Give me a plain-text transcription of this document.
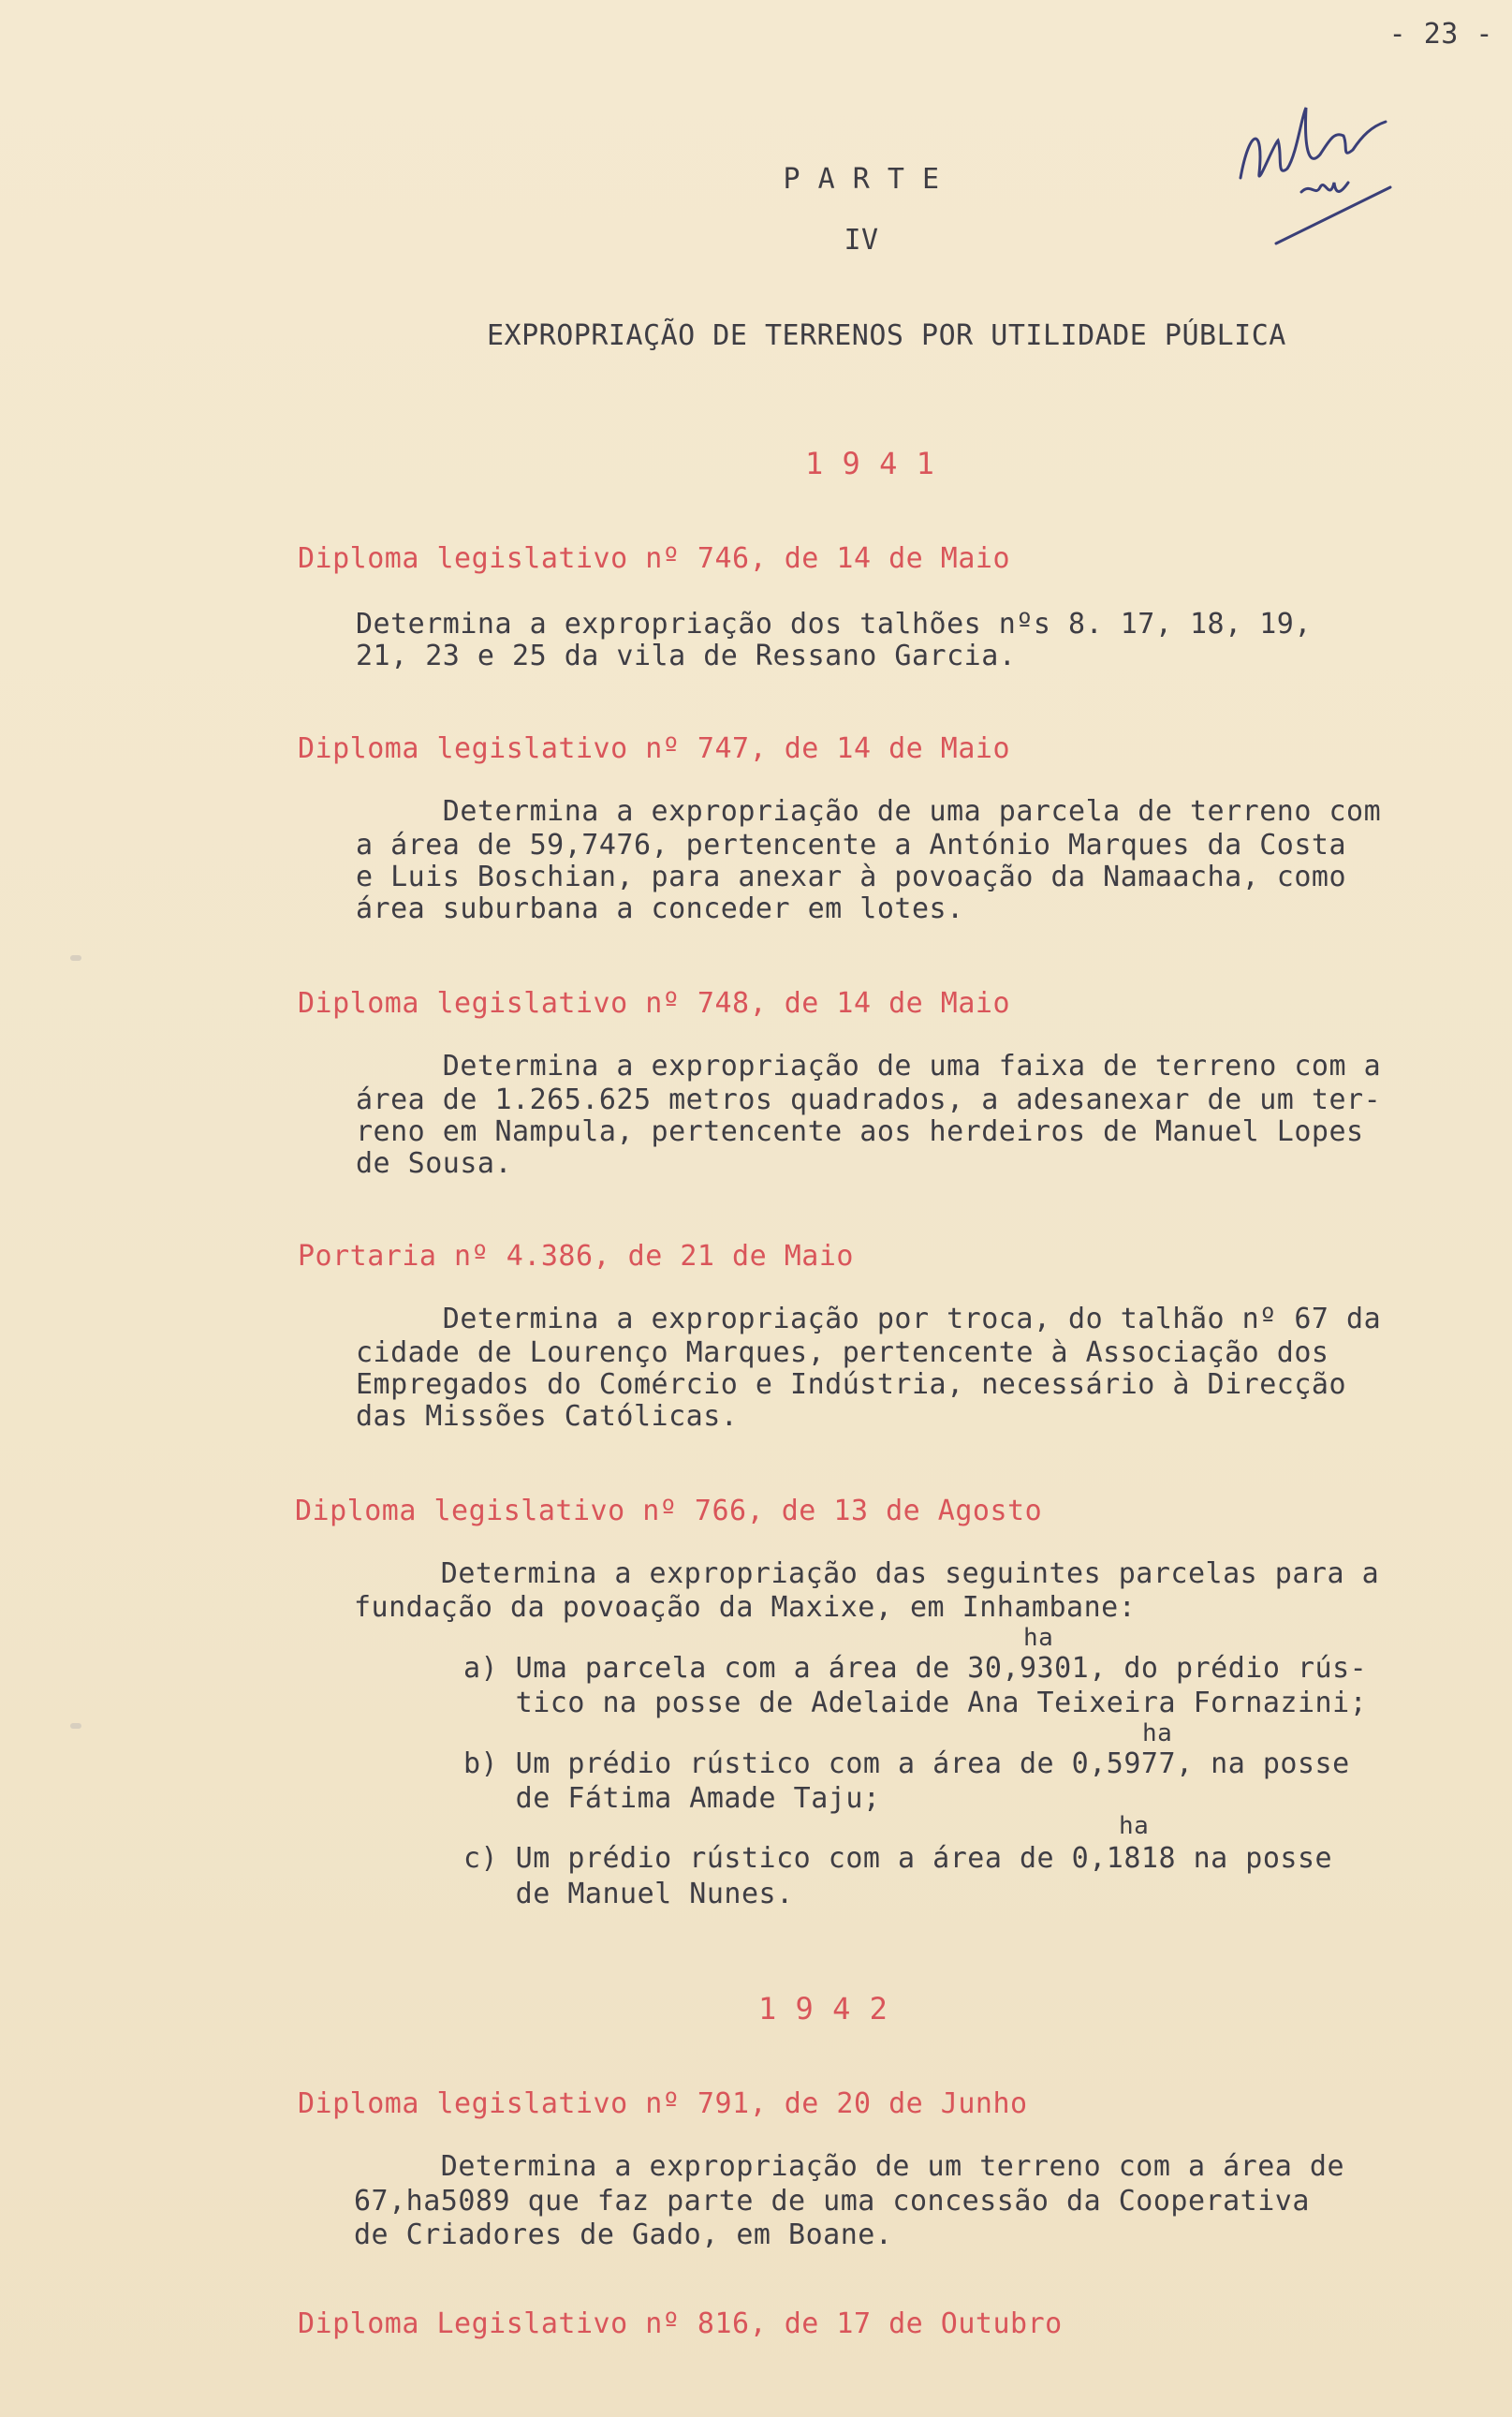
- 23 -
P A R T E
IV
EXPROPRIAÇÃO DE TERRENOS POR UTILIDADE PÚBLICA
1 9 4 1
Diploma legislativo nº 746, de 14 de Maio
Determina a expropriação dos talhões nºs 8. 17, 18, 19,
21, 23 e 25 da vila de Ressano Garcia.
Diploma legislativo nº 747, de 14 de Maio
Determina a expropriação de uma parcela de terreno com
a área de 59,7476, pertencente a António Marques da Costa
e Luis Boschian, para anexar à povoação da Namaacha, como
área suburbana a conceder em lotes.
Diploma legislativo nº 748, de 14 de Maio
Determina a expropriação de uma faixa de terreno com a
área de 1.265.625 metros quadrados, a adesanexar de um ter-
reno em Nampula, pertencente aos herdeiros de Manuel Lopes
de Sousa.
Portaria nº 4.386, de 21 de Maio
Determina a expropriação por troca, do talhão nº 67 da
cidade de Lourenço Marques, pertencente à Associação dos
Empregados do Comércio e Indústria, necessário à Direcção
das Missões Católicas.
Diploma legislativo nº 766, de 13 de Agosto
Determina a expropriação das seguintes parcelas para a
fundação da povoação da Maxixe, em Inhambane:
ha
a) Uma parcela com a área de 30,9301, do prédio rús-
tico na posse de Adelaide Ana Teixeira Fornazini;
ha
b) Um prédio rústico com a área de 0,5977, na posse
de Fátima Amade Taju;
ha
c) Um prédio rústico com a área de 0,1818 na posse
de Manuel Nunes.
1 9 4 2
Diploma legislativo nº 791, de 20 de Junho
Determina a expropriação de um terreno com a área de
67,ha5089 que faz parte de uma concessão da Cooperativa
de Criadores de Gado, em Boane.
Diploma Legislativo nº 816, de 17 de Outubro
